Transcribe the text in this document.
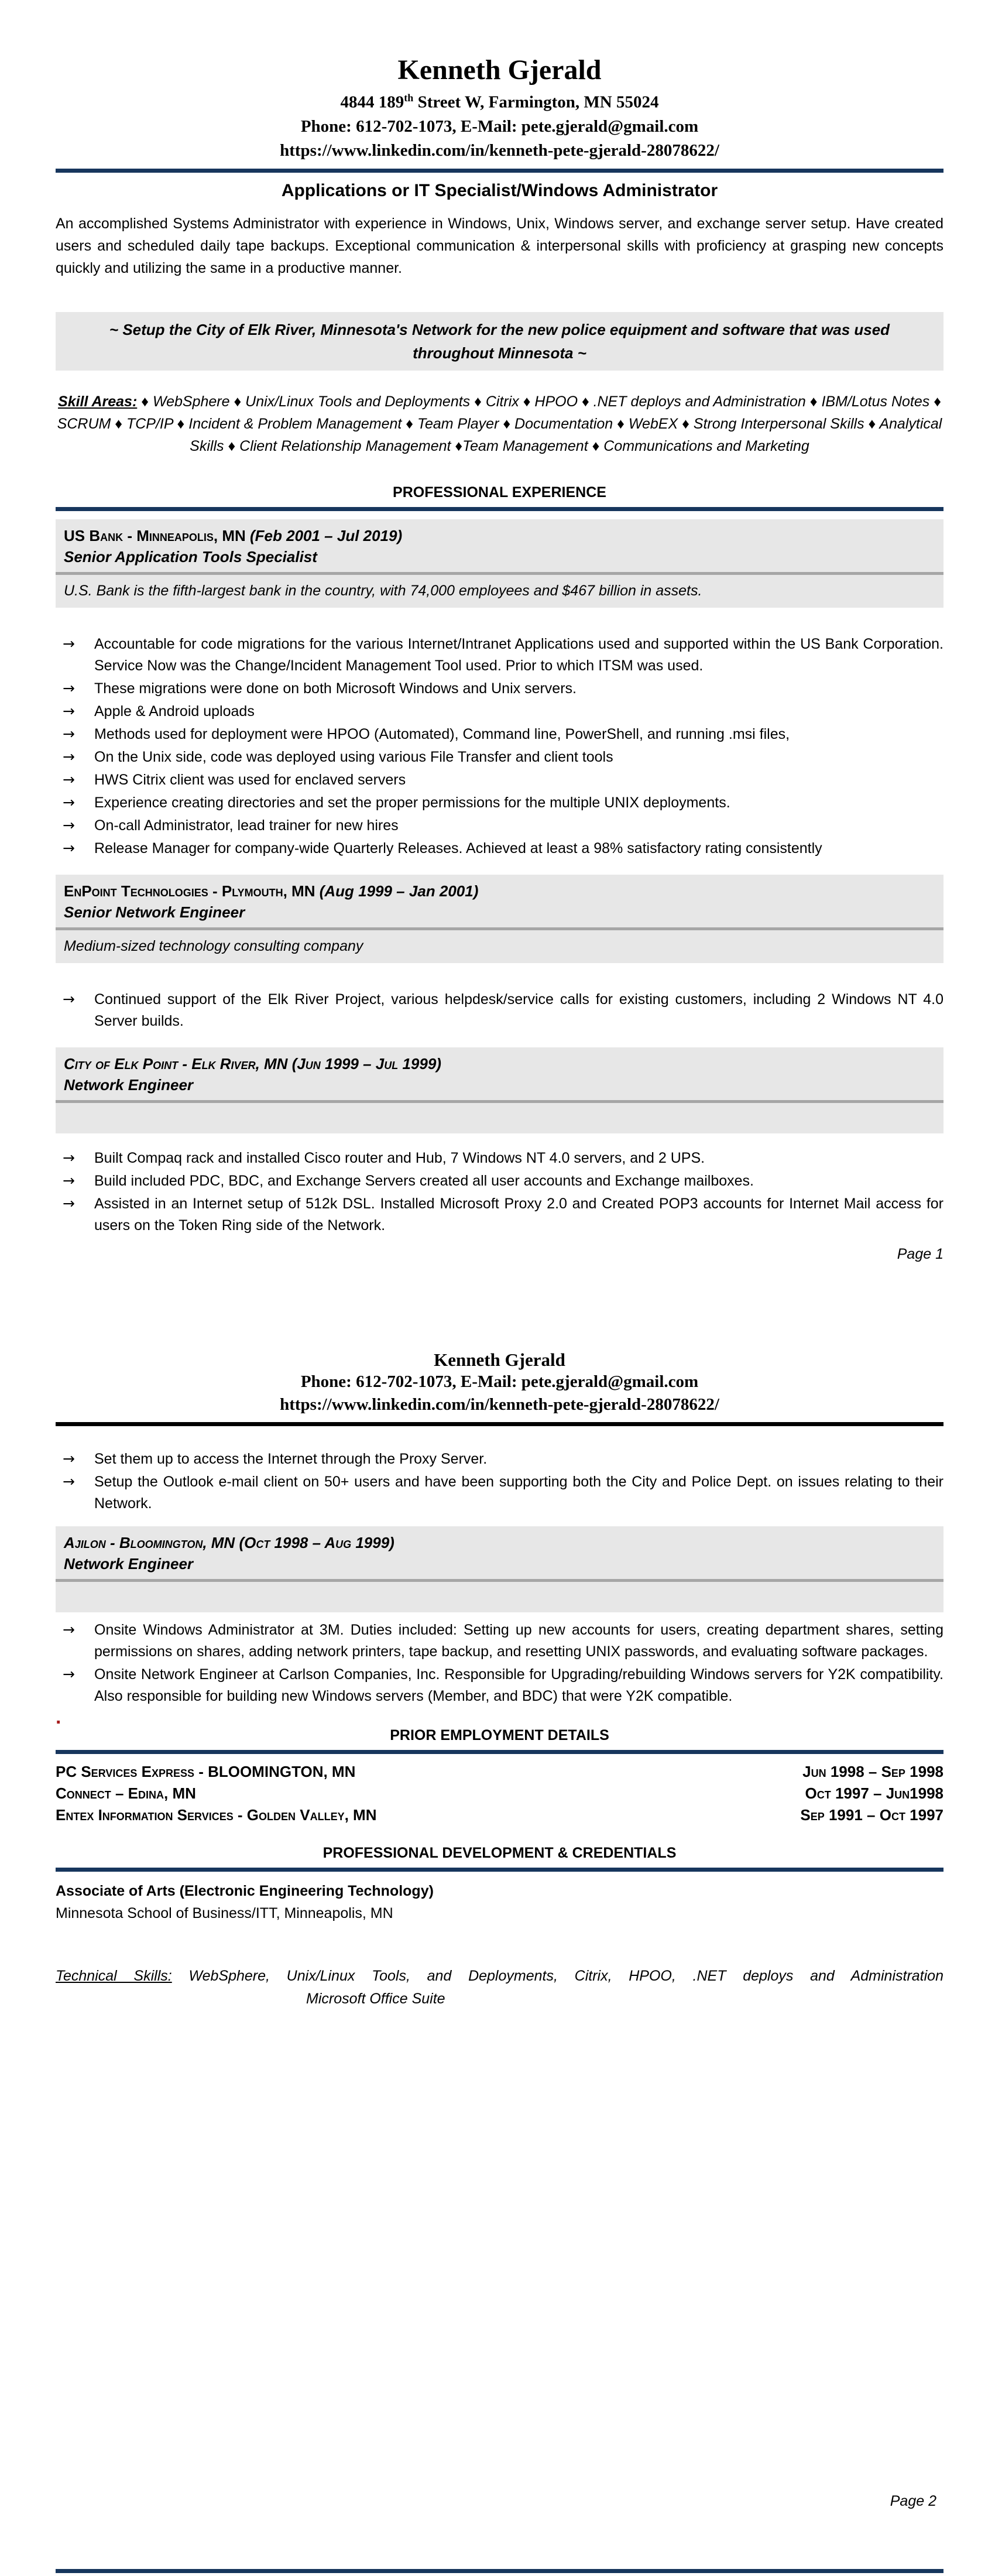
Kenneth Gjerald
4844 189th Street W, Farmington, MN 55024
Phone: 612-702-1073, E-Mail: pete.gjerald@gmail.com
https://www.linkedin.com/in/kenneth-pete-gjerald-28078622/
Applications or IT Specialist/Windows Administrator
An accomplished Systems Administrator with experience in Windows, Unix, Windows server, and exchange server setup. Have created users and scheduled daily tape backups. Exceptional communication & interpersonal skills with proficiency at grasping new concepts quickly and utilizing the same in a productive manner.
~ Setup the City of Elk River, Minnesota's Network for the new police equipment and software that was used throughout Minnesota ~
Skill Areas: ♦ WebSphere ♦ Unix/Linux Tools and Deployments ♦ Citrix ♦ HPOO ♦ .NET deploys and Administration ♦ IBM/Lotus Notes ♦ SCRUM ♦ TCP/IP ♦ Incident & Problem Management ♦ Team Player ♦ Documentation ♦ WebEX ♦ Strong Interpersonal Skills ♦ Analytical Skills ♦ Client Relationship Management ♦Team Management ♦ Communications and Marketing
PROFESSIONAL EXPERIENCE
US Bank - Minneapolis, MN (Feb 2001 – Jul 2019)
Senior Application Tools Specialist
U.S. Bank is the fifth-largest bank in the country, with 74,000 employees and $467 billion in assets.
→ Accountable for code migrations for the various Internet/Intranet Applications used and supported within the US Bank Corporation. Service Now was the Change/Incident Management Tool used. Prior to which ITSM was used.
→ These migrations were done on both Microsoft Windows and Unix servers.
→ Apple & Android uploads
→ Methods used for deployment were HPOO (Automated), Command line, PowerShell, and running .msi files,
→ On the Unix side, code was deployed using various File Transfer and client tools
→ HWS Citrix client was used for enclaved servers
→ Experience creating directories and set the proper permissions for the multiple UNIX deployments.
→ On-call Administrator, lead trainer for new hires
→ Release Manager for company-wide Quarterly Releases. Achieved at least a 98% satisfactory rating consistently
EnPoint Technologies - Plymouth, MN (Aug 1999 – Jan 2001)
Senior Network Engineer
Medium-sized technology consulting company
→ Continued support of the Elk River Project, various helpdesk/service calls for existing customers, including 2 Windows NT 4.0 Server builds.
City of Elk Point - Elk River, MN (Jun 1999 – Jul 1999)
Network Engineer
→ Built Compaq rack and installed Cisco router and Hub, 7 Windows NT 4.0 servers, and 2 UPS.
→ Build included PDC, BDC, and Exchange Servers created all user accounts and Exchange mailboxes.
→ Assisted in an Internet setup of 512k DSL. Installed Microsoft Proxy 2.0 and Created POP3 accounts for Internet Mail access for users on the Token Ring side of the Network.
Page 1
Kenneth Gjerald
Phone: 612-702-1073, E-Mail: pete.gjerald@gmail.com
https://www.linkedin.com/in/kenneth-pete-gjerald-28078622/
→ Set them up to access the Internet through the Proxy Server.
→ Setup the Outlook e-mail client on 50+ users and have been supporting both the City and Police Dept. on issues relating to their Network.
Ajilon - Bloomington, MN (Oct 1998 – Aug 1999)
Network Engineer
→ Onsite Windows Administrator at 3M. Duties included: Setting up new accounts for users, creating department shares, setting permissions on shares, adding network printers, tape backup, and resetting UNIX passwords, and evaluating software packages.
→ Onsite Network Engineer at Carlson Companies, Inc. Responsible for Upgrading/rebuilding Windows servers for Y2K compatibility. Also responsible for building new Windows servers (Member, and BDC) that were Y2K compatible.
.
PRIOR EMPLOYMENT DETAILS
PC Services Express - BLOOMINGTON, MN	Jun 1998 – Sep 1998
Connect – Edina, MN	Oct 1997 – Jun1998
Entex Information Services - Golden Valley, MN	Sep 1991 – Oct 1997
PROFESSIONAL DEVELOPMENT & CREDENTIALS
Associate of Arts (Electronic Engineering Technology)
Minnesota School of Business/ITT, Minneapolis, MN
Technical Skills: WebSphere, Unix/Linux Tools, and Deployments, Citrix, HPOO, .NET deploys and Administration
Microsoft Office Suite
Page 2
